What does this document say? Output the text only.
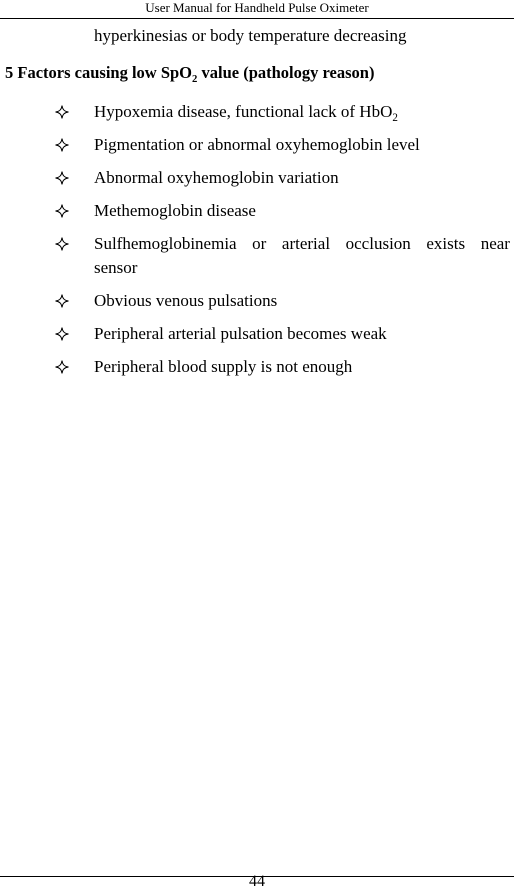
User Manual for Handheld Pulse Oximeter
hyperkinesias or body temperature decreasing
5 Factors causing low SpO$_2$ value (pathology reason)
Hypoxemia disease, functional lack of HbO$_2$
Pigmentation or abnormal oxyhemoglobin level
Abnormal oxyhemoglobin variation
Methemoglobin disease
Sulfhemoglobinemia or arterial occlusion exists near
sensor
Obvious venous pulsations
Peripheral arterial pulsation becomes weak
Peripheral blood supply is not enough
44
